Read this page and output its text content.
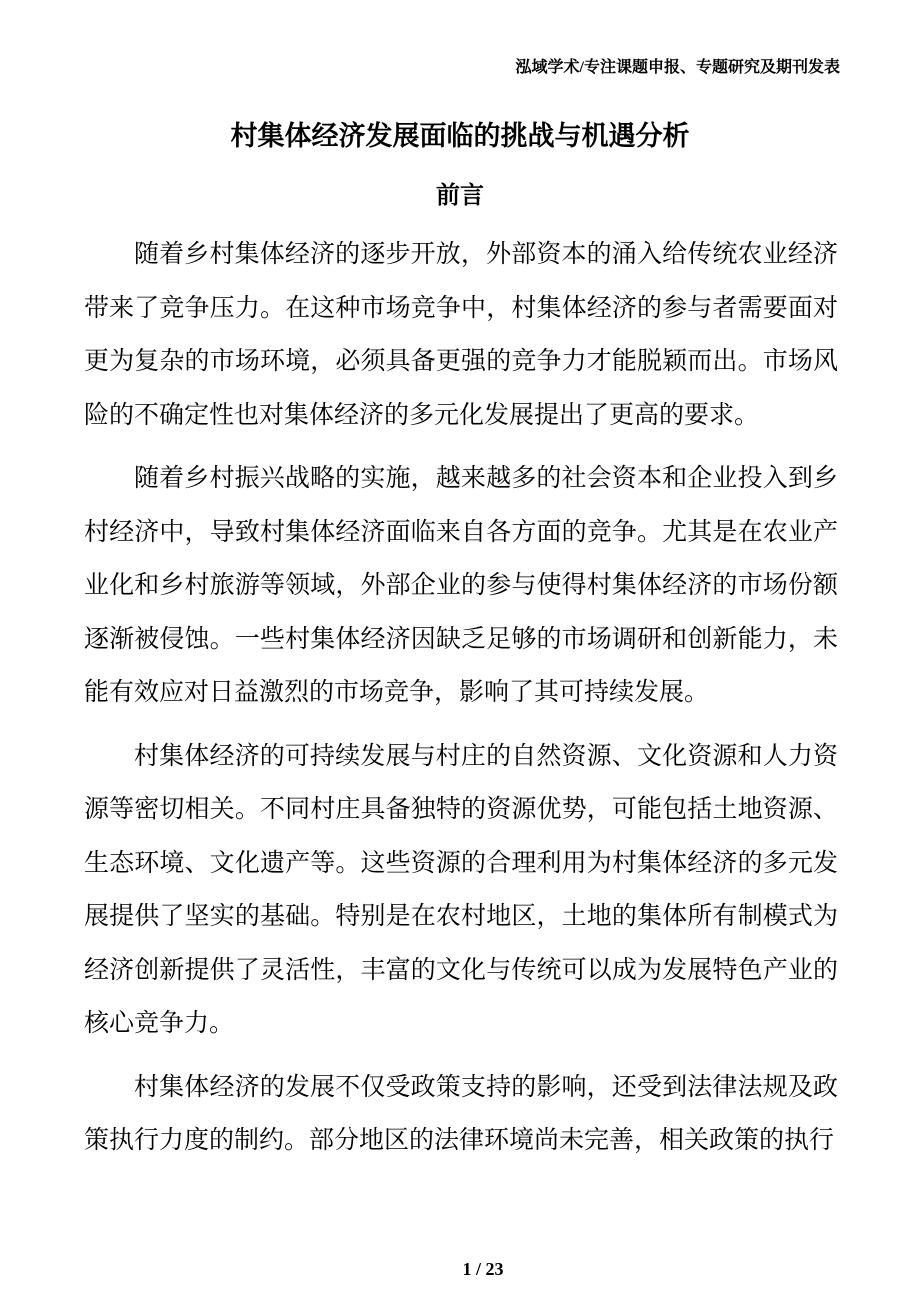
泓域学术/专注课题申报、专题研究及期刊发表
村集体经济发展面临的挑战与机遇分析
前言

随着乡村集体经济的逐步开放，外部资本的涌入给传统农业经济带来了竞争压力。在这种市场竞争中，村集体经济的参与者需要面对更为复杂的市场环境，必须具备更强的竞争力才能脱颖而出。市场风险的不确定性也对集体经济的多元化发展提出了更高的要求。

随着乡村振兴战略的实施，越来越多的社会资本和企业投入到乡村经济中，导致村集体经济面临来自各方面的竞争。尤其是在农业产业化和乡村旅游等领域，外部企业的参与使得村集体经济的市场份额逐渐被侵蚀。一些村集体经济因缺乏足够的市场调研和创新能力，未能有效应对日益激烈的市场竞争，影响了其可持续发展。

村集体经济的可持续发展与村庄的自然资源、文化资源和人力资源等密切相关。不同村庄具备独特的资源优势，可能包括土地资源、生态环境、文化遗产等。这些资源的合理利用为村集体经济的多元发展提供了坚实的基础。特别是在农村地区，土地的集体所有制模式为经济创新提供了灵活性，丰富的文化与传统可以成为发展特色产业的核心竞争力。

村集体经济的发展不仅受政策支持的影响，还受到法律法规及政策执行力度的制约。部分地区的法律环境尚未完善，相关政策的执行

1 / 23
